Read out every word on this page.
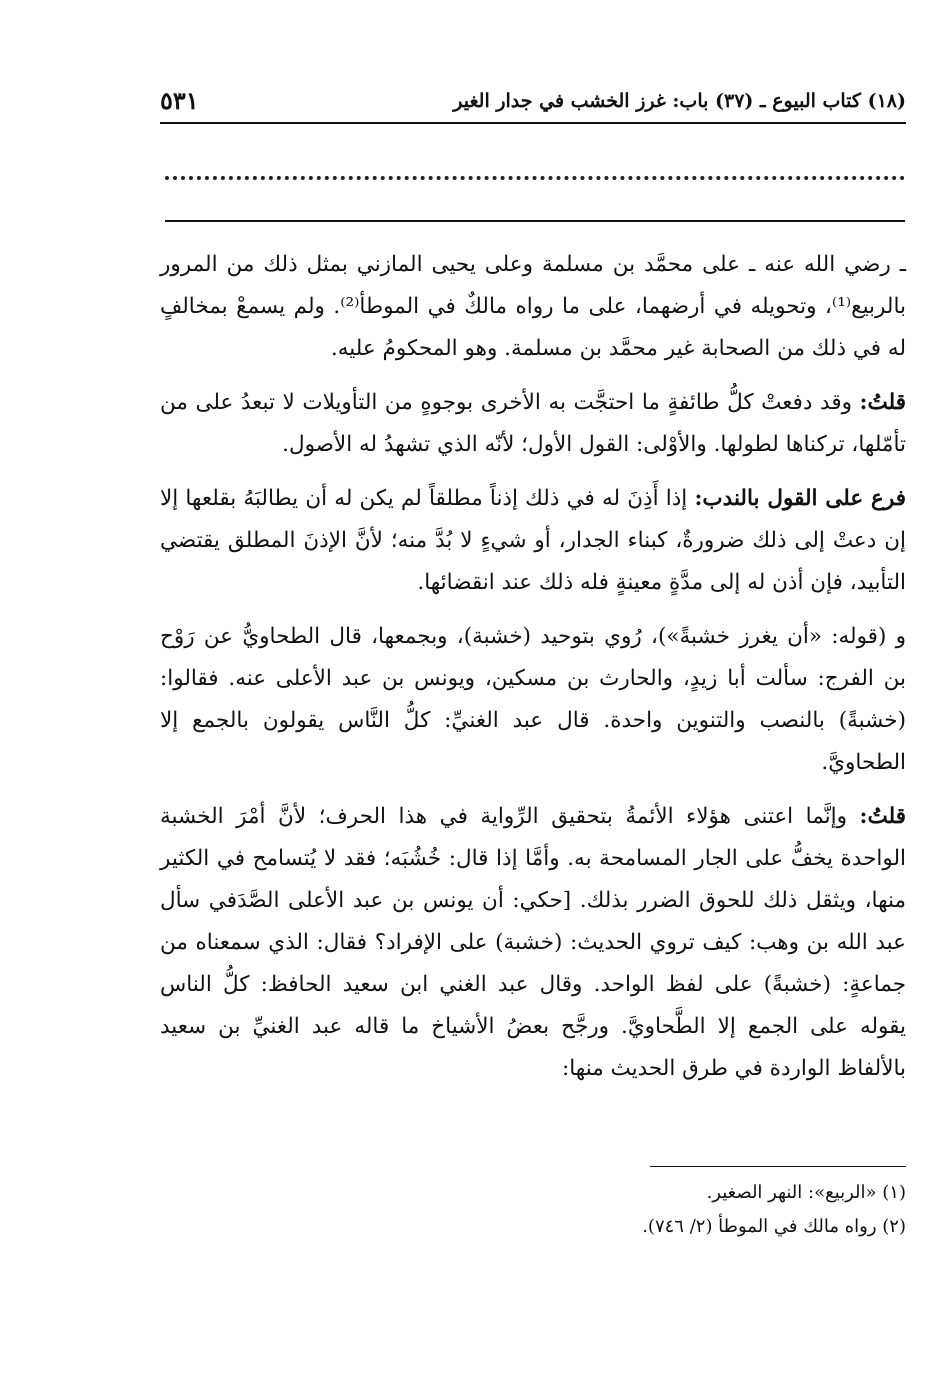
(١٨) كتاب البيوع ـ (٣٧) باب: غرز الخشب في جدار الغير
٥٣١

ـ رضي الله عنه ـ على محمَّد بن مسلمة وعلى يحيى المازني بمثل ذلك من المرور بالربيع⁽¹⁾، وتحويله في أرضهما، على ما رواه مالكٌ في الموطأ⁽²⁾. ولم يسمعْ بمخالفٍ له في ذلك من الصحابة غير محمَّد بن مسلمة. وهو المحكومُ عليه.

قلتُ: وقد دفعتْ كلُّ طائفةٍ ما احتجَّت به الأخرى بوجوهٍ من التأويلات لا تبعدُ على من تأمّلها، تركناها لطولها. والأوْلى: القول الأول؛ لأنّه الذي تشهدُ له الأصول.

فرع على القول بالندب: إذا أَذِنَ له في ذلك إذناً مطلقاً لم يكن له أن يطالبَهُ بقلعها إلا إن دعتْ إلى ذلك ضرورةٌ، كبناء الجدار، أو شيءٍ لا بُدَّ منه؛ لأنَّ الإذنَ المطلق يقتضي التأبيد، فإن أذن له إلى مدَّةٍ معينةٍ فله ذلك عند انقضائها.

و (قوله: «أن يغرز خشبةً»)، رُوي بتوحيد (خشبة)، وبجمعها، قال الطحاويُّ عن رَوْح بن الفرج: سألت أبا زيدٍ، والحارث بن مسكين، ويونس بن عبد الأعلى عنه. فقالوا: (خشبةً) بالنصب والتنوين واحدة. قال عبد الغنيِّ: كلُّ النَّاس يقولون بالجمع إلا الطحاويَّ.

قلتُ: وإنَّما اعتنى هؤلاء الأئمةُ بتحقيق الرِّواية في هذا الحرف؛ لأنَّ أمْرَ الخشبة الواحدة يخفُّ على الجار المسامحة به. وأمَّا إذا قال: خُشُبَه؛ فقد لا يُتسامح في الكثير منها، ويثقل ذلك للحوق الضرر بذلك. [حكي: أن يونس بن عبد الأعلى الصَّدَفي سأل عبد الله بن وهب: كيف تروي الحديث: (خشبة) على الإفراد؟ فقال: الذي سمعناه من جماعةٍ: (خشبةً) على لفظ الواحد. وقال عبد الغني ابن سعيد الحافظ: كلُّ الناس يقوله على الجمع إلا الطَّحاويَّ. ورجَّح بعضُ الأشياخ ما قاله عبد الغنيِّ بن سعيد بالألفاظ الواردة في طرق الحديث منها:

(١) «الربيع»: النهر الصغير.

(٢) رواه مالك في الموطأ (٢/ ٧٤٦).
